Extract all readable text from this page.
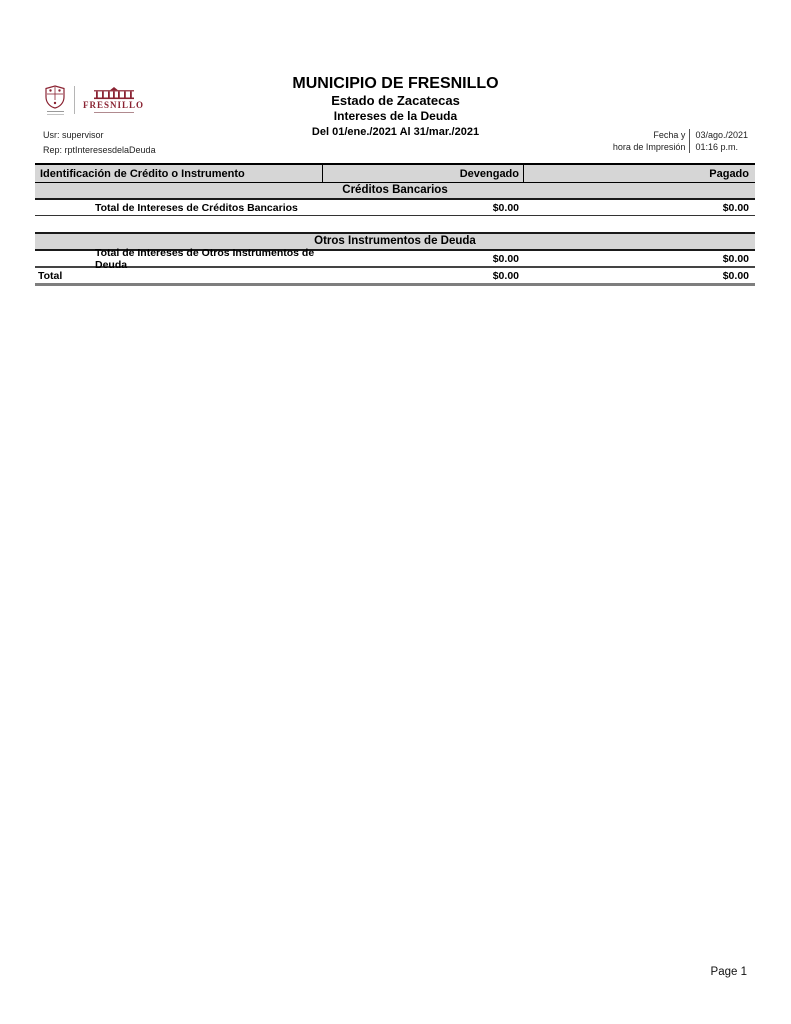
FRESNILLO
MUNICIPIO DE FRESNILLO
Estado de Zacatecas
Intereses de la Deuda
Del 01/ene./2021 Al 31/mar./2021
Usr: supervisor
Rep: rptInteresesdelaDeuda
Fecha y
hora de Impresión
03/ago./2021
01:16 p.m.
Identificación de Crédito o Instrumento	Devengado	Pagado
Créditos Bancarios
Total de Intereses de Créditos Bancarios	$0.00	$0.00
Otros Instrumentos de Deuda
Total de Intereses de Otros Instrumentos de Deuda	$0.00	$0.00
Total	$0.00	$0.00
Page 1
